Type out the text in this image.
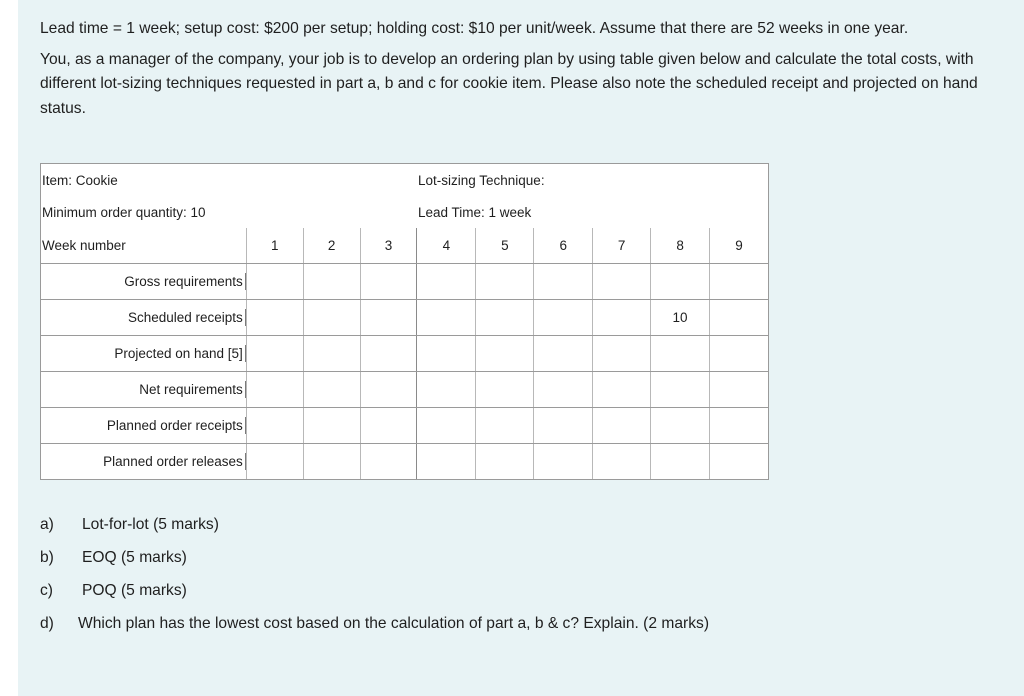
Lead time = 1 week; setup cost: $200 per setup; holding cost: $10 per unit/week. Assume that there are 52 weeks in one year.

You, as a manager of the company, your job is to develop an ordering plan by using table given below and calculate the total costs, with different lot-sizing techniques requested in part a, b and c for cookie item. Please also note the scheduled receipt and projected on hand status.

Item: Cookie				Lot-sizing Technique:					
Minimum order quantity: 10				Lead Time: 1 week					
Week number	1	2	3	4	5	6	7	8	9
Gross requirements									
Scheduled receipts								10	
Projected on hand [5]									
Net requirements									
Planned order receipts									
Planned order releases									
a) Lot-for-lot (5 marks)
b) EOQ (5 marks)
c) POQ (5 marks)
d) Which plan has the lowest cost based on the calculation of part a, b & c? Explain. (2 marks)
